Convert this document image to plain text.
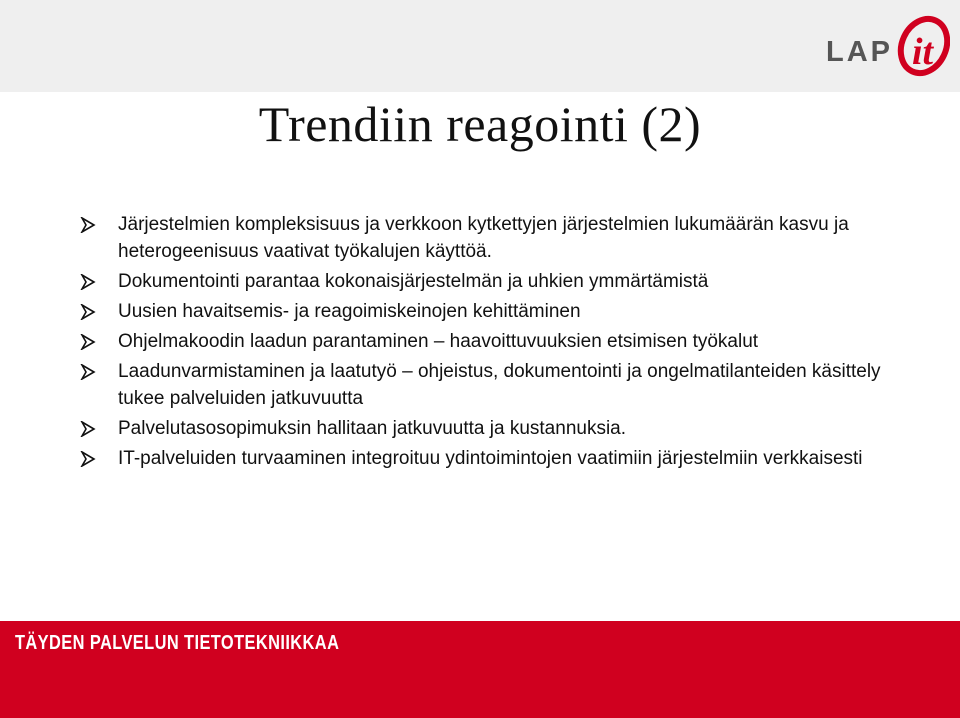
LAP it
Trendiin reagointi (2)
Järjestelmien kompleksisuus ja verkkoon kytkettyjen järjestelmien lukumäärän kasvu ja heterogeenisuus vaativat työkalujen käyttöä.
Dokumentointi parantaa kokonaisjärjestelmän ja uhkien ymmärtämistä
Uusien havaitsemis- ja reagoimiskeinojen kehittäminen
Ohjelmakoodin laadun parantaminen – haavoittuvuuksien etsimisen työkalut
Laadunvarmistaminen ja laatutyö – ohjeistus, dokumentointi ja ongelmatilanteiden käsittely tukee palveluiden jatkuvuutta
Palvelutasosopimuksin hallitaan jatkuvuutta ja kustannuksia.
IT-palveluiden turvaaminen integroituu ydintoimintojen vaatimiin järjestelmiin verkkaisesti
TÄYDEN PALVELUN TIETOTEKNIIKKAA
